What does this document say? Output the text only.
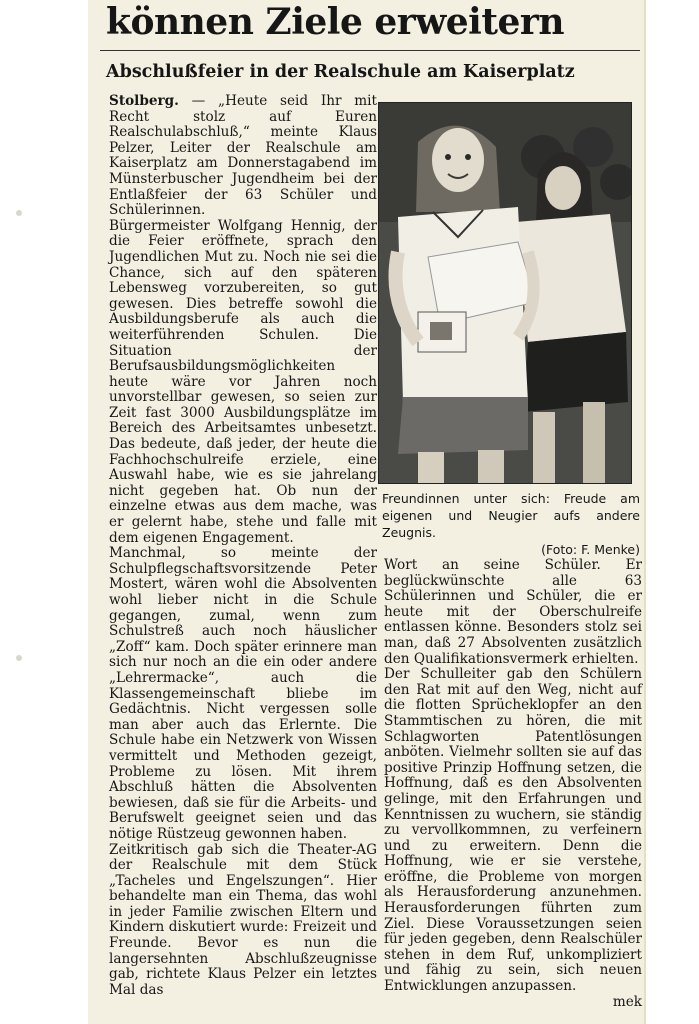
können Ziele erweitern
Abschlußfeier in der Realschule am Kaiserplatz

Stolberg. — „Heute seid Ihr mit Recht stolz auf Euren Realschulabschluß,“ meinte Klaus Pelzer, Leiter der Realschule am Kaiserplatz am Donnerstagabend im Münsterbuscher Jugendheim bei der Entlaßfeier der 63 Schüler und Schülerinnen.

Bürgermeister Wolfgang Hennig, der die Feier eröffnete, sprach den Jugendlichen Mut zu. Noch nie sei die Chance, sich auf den späteren Lebensweg vorzubereiten, so gut gewesen. Dies betreffe sowohl die Ausbildungsberufe als auch die weiterführenden Schulen. Die Situation der Berufsausbildungsmöglichkeiten heute wäre vor Jahren noch unvorstellbar gewesen, so seien zur Zeit fast 3000 Ausbildungsplätze im Bereich des Arbeitsamtes unbesetzt. Das bedeute, daß jeder, der heute die Fachhochschulreife erziele, eine Auswahl habe, wie es sie jahrelang nicht gegeben hat. Ob nun der einzelne etwas aus dem mache, was er gelernt habe, stehe und falle mit dem eigenen Engagement.

Manchmal, so meinte der Schulpflegschaftsvorsitzende Peter Mostert, wären wohl die Absolventen wohl lieber nicht in die Schule gegangen, zumal, wenn zum Schulstreß auch noch häuslicher „Zoff“ kam. Doch später erinnere man sich nur noch an die ein oder andere „Lehrermacke“, auch die Klassengemeinschaft bliebe im Gedächtnis. Nicht vergessen solle man aber auch das Erlernte. Die Schule habe ein Netzwerk von Wissen vermittelt und Methoden gezeigt, Probleme zu lösen. Mit ihrem Abschluß hätten die Absolventen bewiesen, daß sie für die Arbeits- und Berufswelt geeignet seien und das nötige Rüstzeug gewonnen haben.

Zeitkritisch gab sich die Theater-AG der Realschule mit dem Stück „Tacheles und Engelszungen“. Hier behandelte man ein Thema, das wohl in jeder Familie zwischen Eltern und Kindern diskutiert wurde: Freizeit und Freunde. Bevor es nun die langersehnten Abschlußzeugnisse gab, richtete Klaus Pelzer ein letztes Mal das

Freundinnen unter sich: Freude am eigenen und Neugier aufs andere Zeugnis.
(Foto: F. Menke)

Wort an seine Schüler. Er beglückwünschte alle 63 Schülerinnen und Schüler, die er heute mit der Oberschulreife entlassen könne. Besonders stolz sei man, daß 27 Absolventen zusätzlich den Qualifikationsvermerk erhielten.

Der Schulleiter gab den Schülern den Rat mit auf den Weg, nicht auf die flotten Sprücheklopfer an den Stammtischen zu hören, die mit Schlagworten Patentlösungen anböten. Vielmehr sollten sie auf das positive Prinzip Hoffnung setzen, die Hoffnung, daß es den Absolventen gelinge, mit den Erfahrungen und Kenntnissen zu wuchern, sie ständig zu vervollkommnen, zu verfeinern und zu erweitern. Denn die Hoffnung, wie er sie verstehe, eröffne, die Probleme von morgen als Herausforderung anzunehmen. Herausforderungen führten zum Ziel. Diese Voraussetzungen seien für jeden gegeben, denn Realschüler stehen in dem Ruf, unkompliziert und fähig zu sein, sich neuen Entwicklungen anzupassen.

mek
